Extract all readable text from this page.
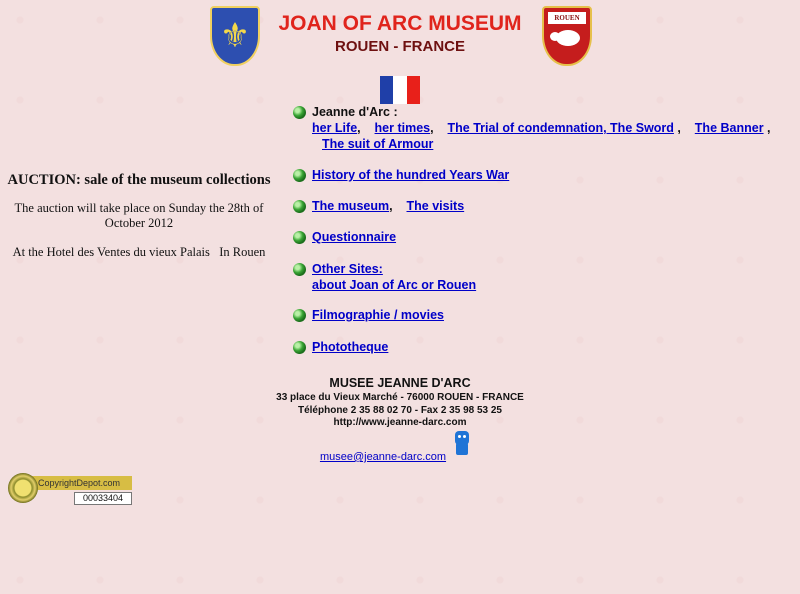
⚜	ROUEN
JOAN OF ARC MUSEUM
ROUEN - FRANCE
AUCTION: sale of the museum collections
The auction will take place on Sunday the 28th of October 2012
At the Hotel des Ventes du vieux Palais   In Rouen
Jeanne d'Arc :
her Life,    her times,    The Trial of condemnation, The Sword ,    The Banner ,
The suit of Armour
History of the hundred Years War
The museum,    The visits
Questionnaire
Other Sites:
about Joan of Arc or Rouen
Filmographie / movies
Phototheque
MUSEE JEANNE D'ARC
33 place du Vieux Marché - 76000 ROUEN - FRANCE
Téléphone 2 35 88 02 70 - Fax 2 35 98 53 25
http://www.jeanne-darc.com
musee@jeanne-darc.com
CopyrightDepot.com
00033404
